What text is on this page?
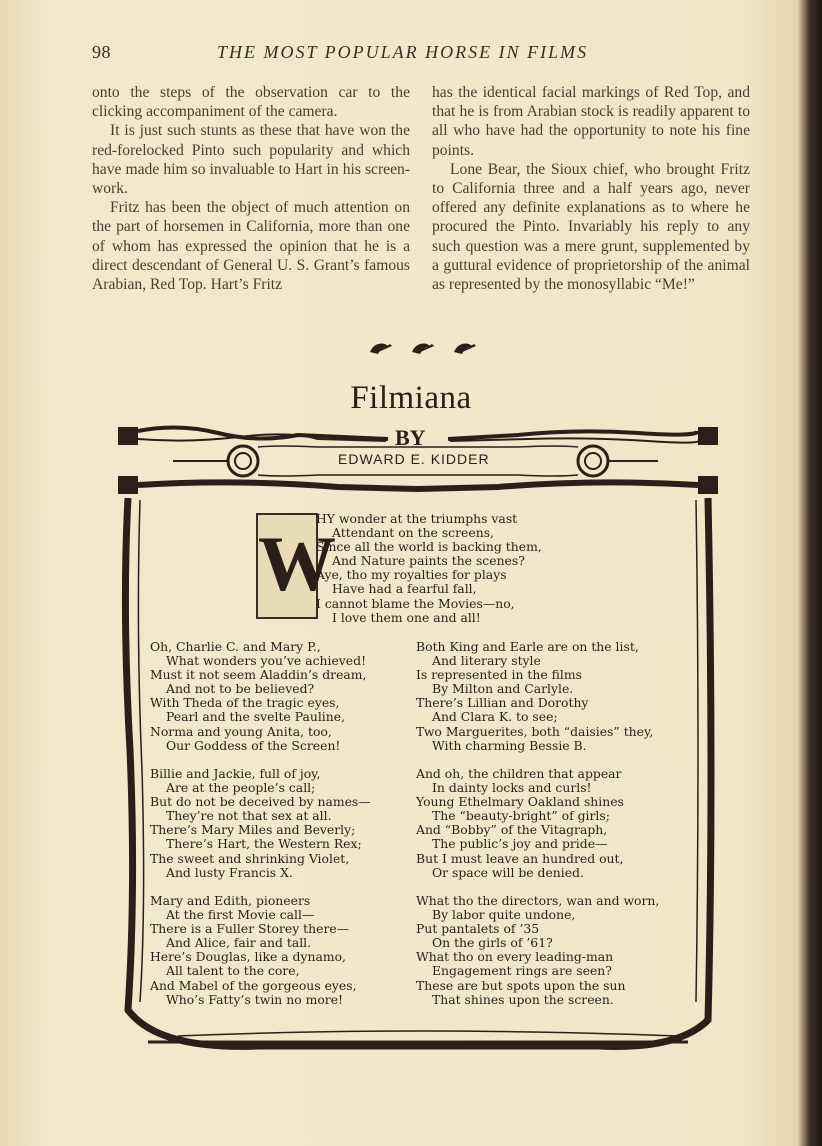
98	THE MOST POPULAR HORSE IN FILMS

onto the steps of the observation car to the clicking accompaniment of the camera.

It is just such stunts as these that have won the red-forelocked Pinto such popularity and which have made him so invaluable to Hart in his screen-work.

Fritz has been the object of much attention on the part of horsemen in California, more than one of whom has expressed the opinion that he is a direct descendant of General U. S. Grant’s famous Arabian, Red Top. Hart’s Fritz

has the identical facial markings of Red Top, and that he is from Arabian stock is readily apparent to all who have had the opportunity to note his fine points.

Lone Bear, the Sioux chief, who brought Fritz to California three and a half years ago, never offered any definite explanations as to where he procured the Pinto. Invariably his reply to any such question was a mere grunt, supplemented by a guttural evidence of proprietorship of the animal as represented by the monosyllabic “Me!”

Filmiana
BY
EDWARD E. KIDDER
W
HY wonder at the triumphs vast
Attendant on the screens,
Since all the world is backing them,
And Nature paints the scenes?
Aye, tho my royalties for plays
Have had a fearful fall,
I cannot blame the Movies—no,
I love them one and all!
Oh, Charlie C. and Mary P.,
What wonders you’ve achieved!
Must it not seem Aladdin’s dream,
And not to be believed?
With Theda of the tragic eyes,
Pearl and the svelte Pauline,
Norma and young Anita, too,
Our Goddess of the Screen!
Both King and Earle are on the list,
And literary style
Is represented in the films
By Milton and Carlyle.
There’s Lillian and Dorothy
And Clara K. to see;
Two Marguerites, both “daisies” they,
With charming Bessie B.
Billie and Jackie, full of joy,
Are at the people’s call;
But do not be deceived by names—
They’re not that sex at all.
There’s Mary Miles and Beverly;
There’s Hart, the Western Rex;
The sweet and shrinking Violet,
And lusty Francis X.
And oh, the children that appear
In dainty locks and curls!
Young Ethelmary Oakland shines
The “beauty-bright” of girls;
And “Bobby” of the Vitagraph,
The public’s joy and pride—
But I must leave an hundred out,
Or space will be denied.
Mary and Edith, pioneers
At the first Movie call—
There is a Fuller Storey there—
And Alice, fair and tall.
Here’s Douglas, like a dynamo,
All talent to the core,
And Mabel of the gorgeous eyes,
Who’s Fatty’s twin no more!
What tho the directors, wan and worn,
By labor quite undone,
Put pantalets of ’35
On the girls of ’61?
What tho on every leading-man
Engagement rings are seen?
These are but spots upon the sun
That shines upon the screen.
